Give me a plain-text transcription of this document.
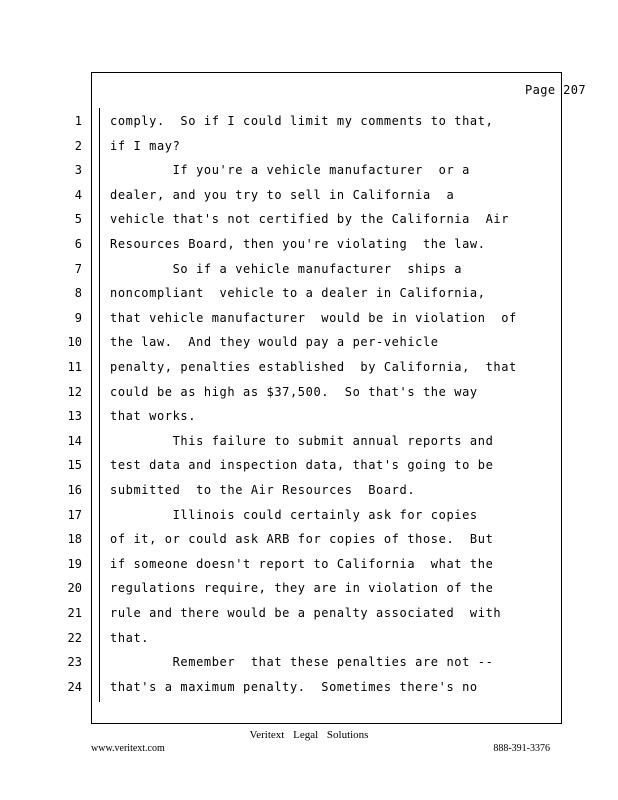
Page 207
1 comply.  So if I could limit my comments to that,
2 if I may?
3 If you're a vehicle manufacturer  or a
4 dealer, and you try to sell in California  a
5 vehicle that's not certified by the California  Air
6 Resources Board, then you're violating  the law.
7 So if a vehicle manufacturer  ships a
8 noncompliant  vehicle to a dealer in California,
9 that vehicle manufacturer  would be in violation  of
10 the law.  And they would pay a per-vehicle
11 penalty, penalties established  by California,  that
12 could be as high as $37,500.  So that's the way
13 that works.
14 This failure to submit annual reports and
15 test data and inspection data, that's going to be
16 submitted  to the Air Resources  Board.
17 Illinois could certainly ask for copies
18 of it, or could ask ARB for copies of those.  But
19 if someone doesn't report to California  what the
20 regulations require, they are in violation of the
21 rule and there would be a penalty associated  with
22 that.
23 Remember  that these penalties are not --
24 that's a maximum penalty.  Sometimes there's no
Veritext Legal Solutions
www.veritext.com	888-391-3376
